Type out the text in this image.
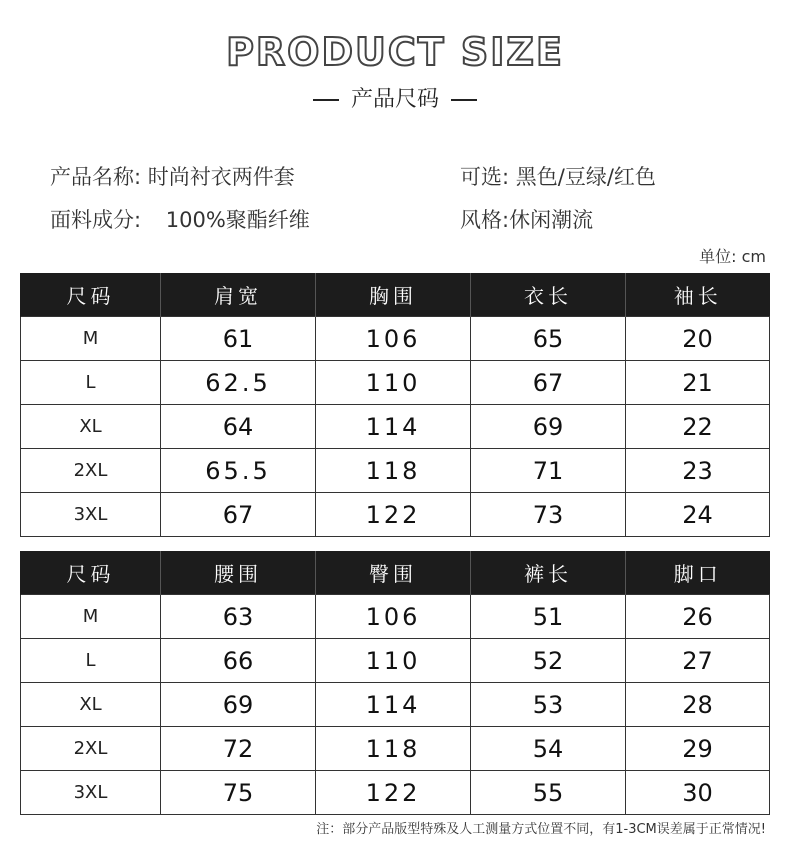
PRODUCT SIZE
产品尺码
产品名称: 时尚衬衣两件套	可选: 黑色/豆绿/红色
面料成分: 100%聚酯纤维	风格:休闲潮流
单位: cm
尺码	肩宽	胸围	衣长	袖长
M	61	106	65	20
L	62.5	110	67	21
XL	64	114	69	22
2XL	65.5	118	71	23
3XL	67	122	73	24
尺码	腰围	臀围	裤长	脚口
M	63	106	51	26
L	66	110	52	27
XL	69	114	53	28
2XL	72	118	54	29
3XL	75	122	55	30
注：部分产品版型特殊及人工测量方式位置不同，有1-3CM误差属于正常情况!
